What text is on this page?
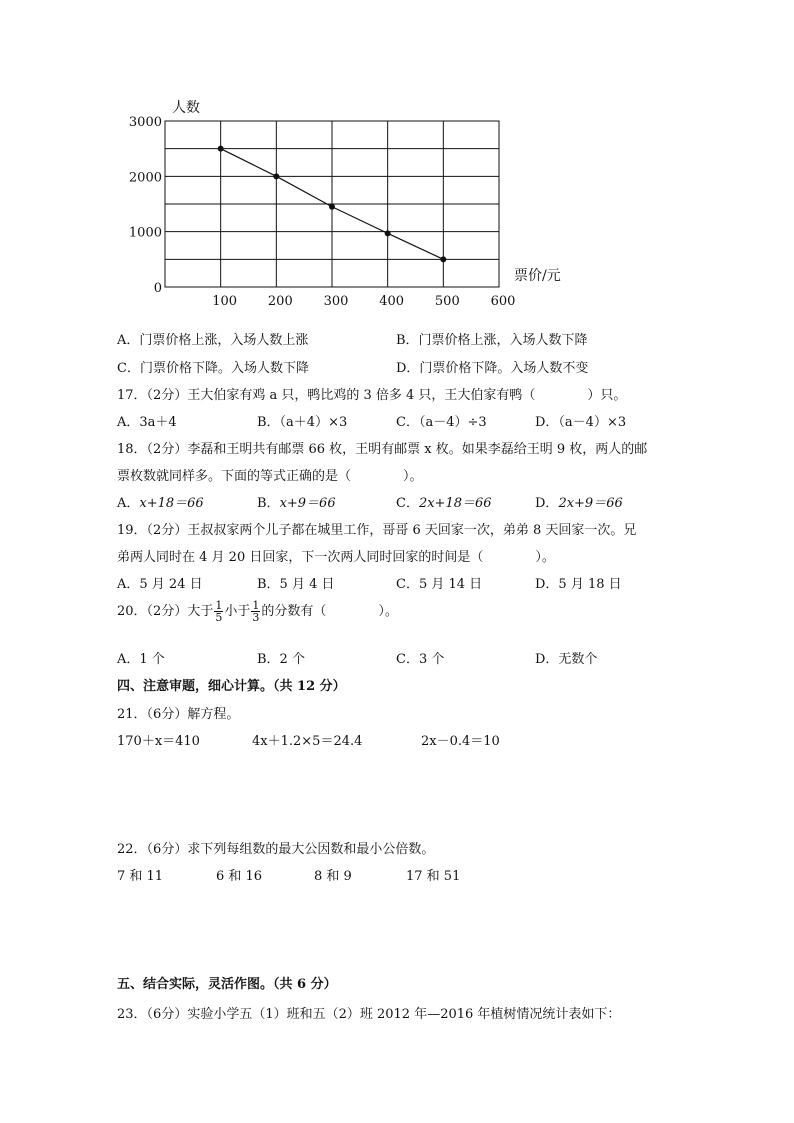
人数
票价/元
0
1000
2000
3000
100 200 300 400 500 600
A．门票价格上涨，入场人数上涨	B．门票价格上涨，入场人数下降
C．门票价格下降。入场人数下降	D．门票价格下降。入场人数不变
17．（2分）王大伯家有鸡 a 只，鸭比鸡的 3 倍多 4 只，王大伯家有鸭（　　　　）只。
A．3a＋4	B．（a＋4）×3	C．（a－4）÷3	D．（a－4）×3
18．（2分）李磊和王明共有邮票 66 枚，王明有邮票 x 枚。如果李磊给王明 9 枚，两人的邮
票枚数就同样多。下面的等式正确的是（　　　　）。
A．x+18＝66	B．x+9＝66	C．2x+18＝66	D．2x+9＝66
19．（2分）王叔叔家两个儿子都在城里工作，哥哥 6 天回家一次，弟弟 8 天回家一次。兄
弟两人同时在 4 月 20 日回家，下一次两人同时回家的时间是（　　　　）。
A．5 月 24 日	B．5 月 4 日	C．5 月 14 日	D．5 月 18 日
20．（2分）大于 $\frac{1}{5}$ 小于 $\frac{1}{3}$ 的分数有（　　　　）。
A．1 个	B．2 个	C．3 个	D．无数个
四、注意审题，细心计算。（共 12 分）
21．（6分）解方程。
170＋x＝410	4x＋1.2×5＝24.4	2x－0.4＝10
22．（6分）求下列每组数的最大公因数和最小公倍数。
7 和 11	6 和 16	8 和 9	17 和 51
五、结合实际，灵活作图。（共 6 分）
23．（6分）实验小学五（1）班和五（2）班 2012 年—2016 年植树情况统计表如下：
